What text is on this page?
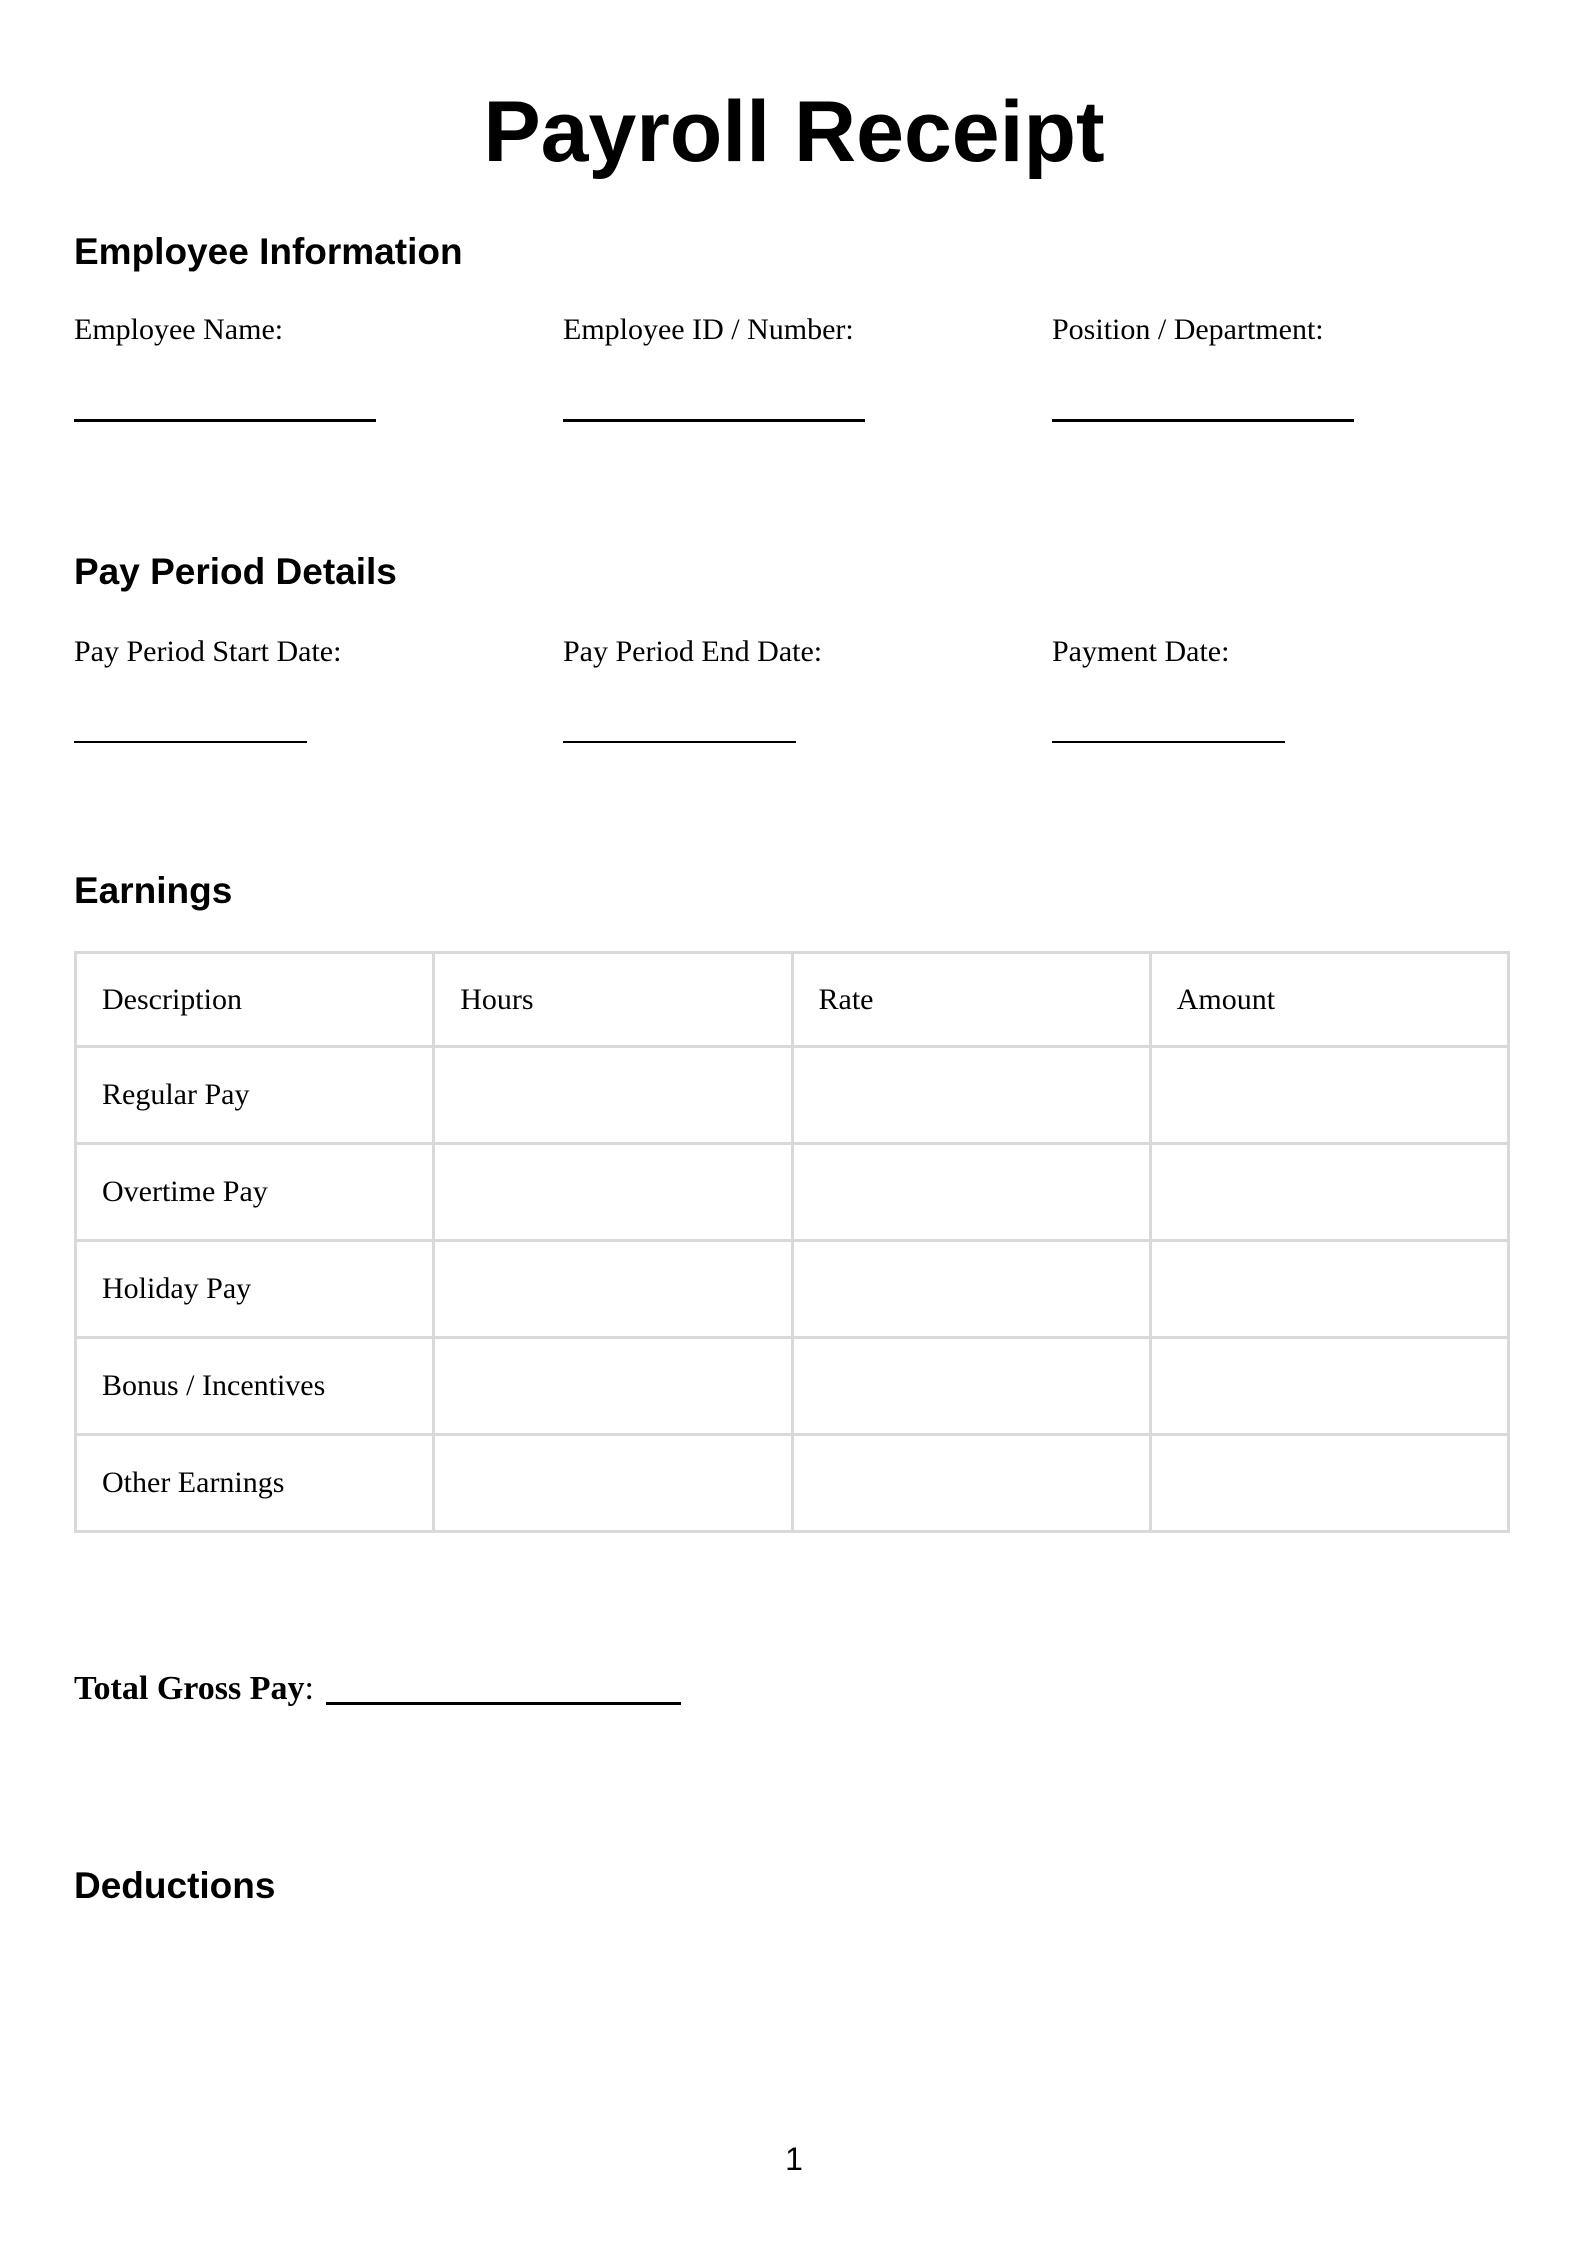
Payroll Receipt
Employee Information
Employee Name:	Employee ID / Number:	Position / Department:
Pay Period Details
Pay Period Start Date:	Pay Period End Date:	Payment Date:
Earnings
Description	Hours	Rate	Amount
Regular Pay			
Overtime Pay			
Holiday Pay			
Bonus / Incentives			
Other Earnings			
Total Gross Pay:
Deductions
1
